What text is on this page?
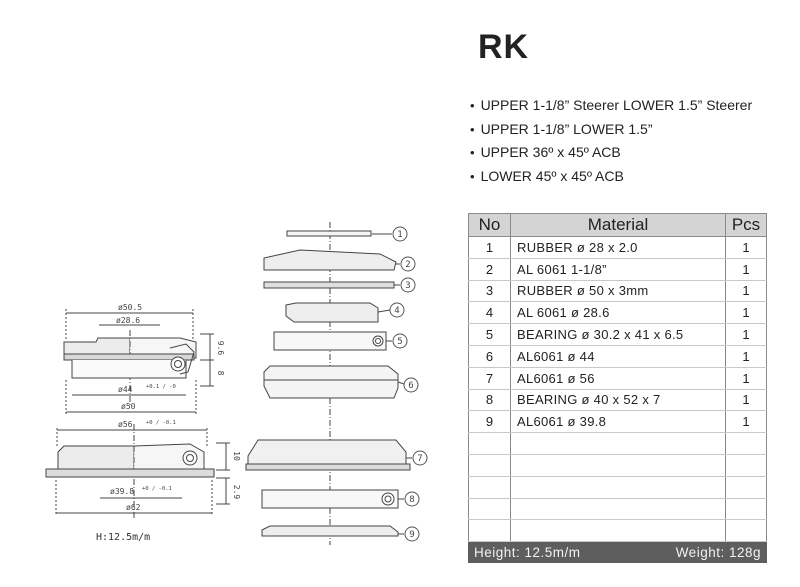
RK
• UPPER 1-1/8” Steerer LOWER 1.5” Steerer
• UPPER 1-1/8” LOWER 1.5”
• UPPER 36º x 45º ACB
• LOWER 45º x 45º ACB
No	Material	Pcs
1	RUBBER ø 28 x 2.0	1
2	AL 6061 1-1/8”	1
3	RUBBER ø 50 x 3mm	1
4	AL 6061 ø 28.6	1
5	BEARING ø 30.2 x 41 x 6.5	1
6	AL6061 ø 44	1
7	AL6061 ø 56	1
8	BEARING ø 40 x 52 x 7	1
9	AL6061 ø 39.8	1

Height: 12.5m/m	Weight: 128g
1
2
3
4
5
6
7
8
9
ø50.5
ø28.6
9.6
8
ø44
ø50
ø56
10
ø39.8	2.9
ø62
+0.1 / -0
+0 / -0.1
+0 / -0.1
H:12.5m/m
